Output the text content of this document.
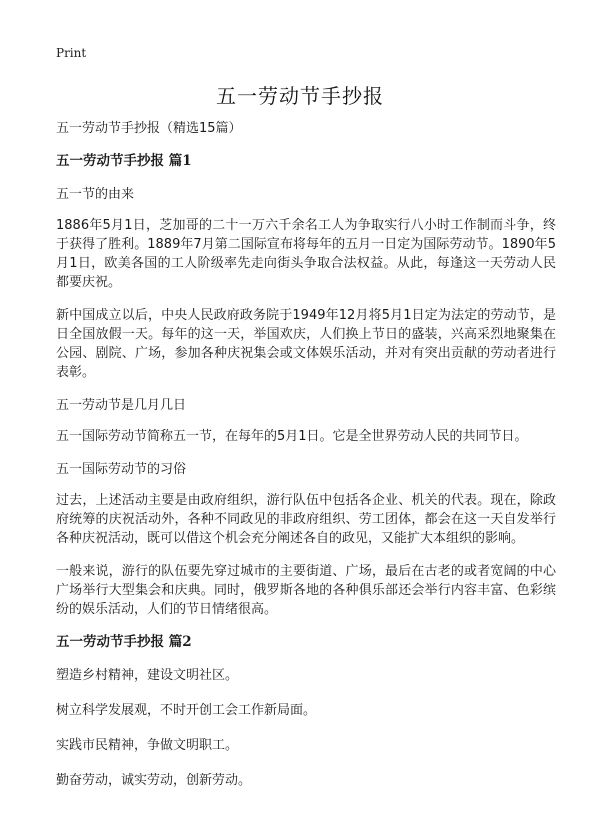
Print
五一劳动节手抄报

五一劳动节手抄报（精选15篇）

五一劳动节手抄报 篇1

五一节的由来

1886年5月1日，芝加哥的二十一万六千余名工人为争取实行八小时工作制而斗争，终于获得了胜利。1889年7月第二国际宣布将每年的五月一日定为国际劳动节。1890年5月1日，欧美各国的工人阶级率先走向街头争取合法权益。从此，每逢这一天劳动人民都要庆祝。

新中国成立以后，中央人民政府政务院于1949年12月将5月1日定为法定的劳动节，是日全国放假一天。每年的这一天，举国欢庆，人们换上节日的盛装，兴高采烈地聚集在公园、剧院、广场，参加各种庆祝集会或文体娱乐活动，并对有突出贡献的劳动者进行表彰。

五一劳动节是几月几日

五一国际劳动节简称五一节，在每年的5月1日。它是全世界劳动人民的共同节日。

五一国际劳动节的习俗

过去，上述活动主要是由政府组织，游行队伍中包括各企业、机关的代表。现在，除政府统筹的庆祝活动外，各种不同政见的非政府组织、劳工团体，都会在这一天自发举行各种庆祝活动，既可以借这个机会充分阐述各自的政见，又能扩大本组织的影响。

一般来说，游行的队伍要先穿过城市的主要街道、广场，最后在古老的或者宽阔的中心广场举行大型集会和庆典。同时，俄罗斯各地的各种俱乐部还会举行内容丰富、色彩缤纷的娱乐活动，人们的节日情绪很高。

五一劳动节手抄报 篇2

塑造乡村精神，建设文明社区。

树立科学发展观，不时开创工会工作新局面。

实践市民精神，争做文明职工。

勤奋劳动，诚实劳动，创新劳动。
